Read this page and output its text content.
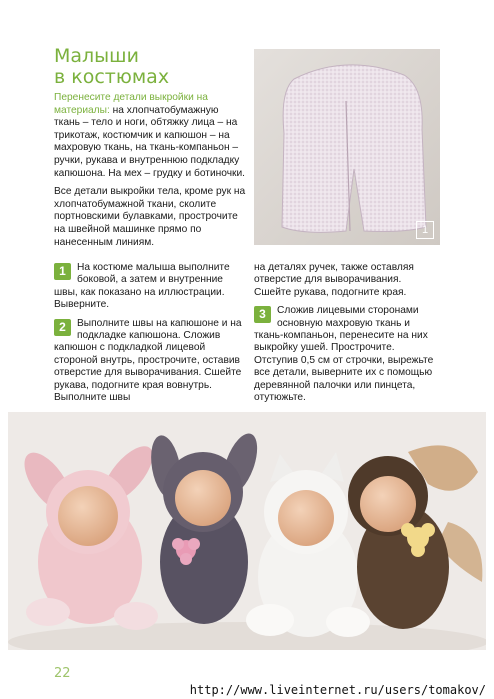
Малыши
в костюмах

Перенесите детали выкройки на материалы: на хлопчатобумажную ткань – тело и ноги, обтяжку лица – на трикотаж, костюмчик и капюшон – на махровую ткань, на ткань-компаньон – ручки, рукава и внутреннюю подкладку капюшона. На мех – грудку и ботиночки.

Все детали выкройки тела, кроме рук на хлопчатобумажной ткани, сколите портновскими булавками, прострочите на швейной машинке прямо по нанесенным линиям.

1
1	На костюме малыша выполните боковой, а затем и внутренние швы, как показано на иллюстрации. Выверните.

2	Выполните швы на капюшоне и на подкладке капюшона. Сложив капюшон с подкладкой лицевой стороной внутрь, прострочите, оставив отверстие для выворачивания. Сшейте рукава, подогните края вовнутрь. Выполните швы

на деталях ручек, также оставляя отверстие для выворачивания. Сшейте рукава, подогните края.

3	Сложив лицевыми сторонами основную махровую ткань и ткань-компаньон, перенесите на них выкройку ушей. Прострочите. Отступив 0,5 см от строчки, вырежьте все детали, выверните их с помощью деревянной палочки или пинцета, отутюжьте.

22
http://www.liveinternet.ru/users/tomakov/
